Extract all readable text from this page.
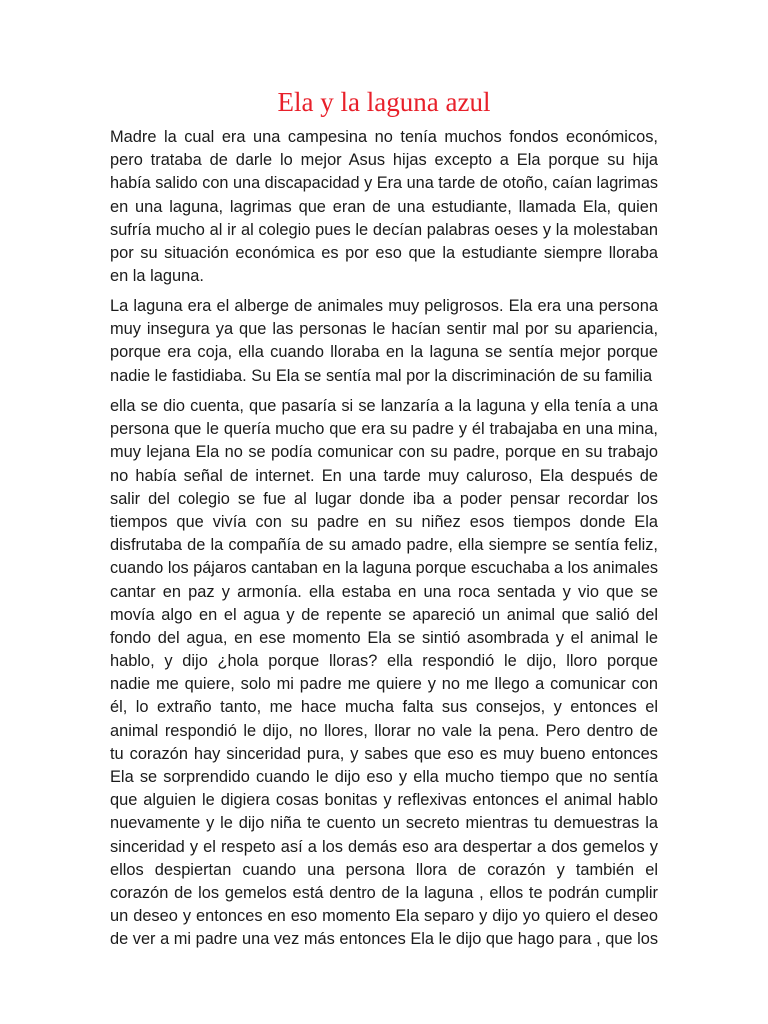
Ela y la laguna azul
Madre la cual era una campesina no tenía muchos fondos económicos,
pero trataba de darle lo mejor Asus hijas excepto a Ela porque su hija
había salido con una discapacidad y Era una tarde de otoño, caían lagrimas
en una laguna, lagrimas que eran de una estudiante, llamada Ela, quien
sufría mucho al ir al colegio pues le decían palabras oeses y la molestaban
por su situación económica es por eso que la estudiante siempre lloraba
en la laguna.
La laguna era el alberge de animales muy peligrosos. Ela era una persona
muy insegura ya que las personas le hacían sentir mal por su apariencia,
porque era coja, ella cuando lloraba en la laguna se sentía mejor porque
nadie le fastidiaba. Su Ela se sentía mal por la discriminación de su familia
ella se dio cuenta, que pasaría si se lanzaría a la laguna y ella tenía a una
persona que le quería mucho que era su padre y él trabajaba en una mina,
muy lejana Ela no se podía comunicar con su padre, porque en su trabajo
no había señal de internet. En una tarde muy caluroso, Ela después de
salir del colegio se fue al lugar donde iba a poder pensar recordar los
tiempos que vivía con su padre en su niñez esos tiempos donde Ela
disfrutaba de la compañía de su amado padre, ella siempre se sentía feliz,
cuando los pájaros cantaban en la laguna porque escuchaba a los animales
cantar en paz y armonía. ella estaba en una roca sentada y vio que se
movía algo en el agua y de repente se apareció un animal que salió del
fondo del agua, en ese momento Ela se sintió asombrada y el animal le
hablo, y dijo ¿hola porque lloras? ella respondió le dijo, lloro porque
nadie me quiere, solo mi padre me quiere y no me llego a comunicar con
él, lo extraño tanto, me hace mucha falta sus consejos, y entonces el
animal respondió le dijo, no llores, llorar no vale la pena. Pero dentro de
tu corazón hay sinceridad pura, y sabes que eso es muy bueno entonces
Ela se sorprendido cuando le dijo eso y ella mucho tiempo que no sentía
que alguien le digiera cosas bonitas y reflexivas entonces el animal hablo
nuevamente y le dijo niña te cuento un secreto mientras tu demuestras la
sinceridad y el respeto así a los demás eso ara despertar a dos gemelos y
ellos despiertan cuando una persona llora de corazón y también el
corazón de los gemelos está dentro de la laguna , ellos te podrán cumplir
un deseo y entonces en eso momento Ela separo y dijo yo quiero el deseo
de ver a mi padre una vez más entonces Ela le dijo que hago para , que los
